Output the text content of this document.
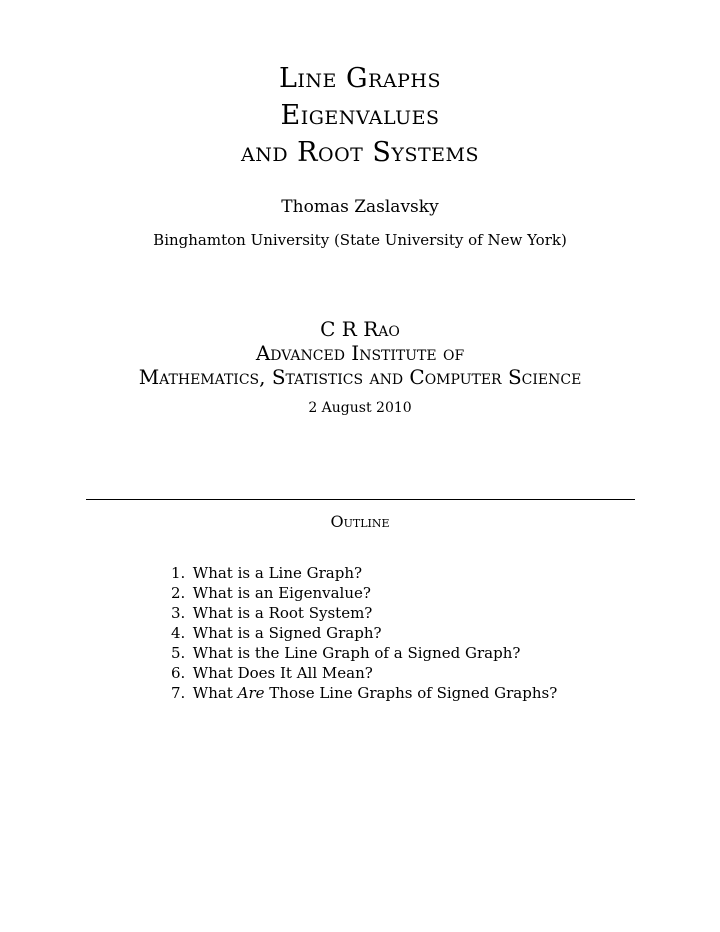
Line Graphs
Eigenvalues
and Root Systems
Thomas Zaslavsky
Binghamton University (State University of New York)
C R Rao
Advanced Institute of
Mathematics, Statistics and Computer Science
2 August 2010
Outline
1. What is a Line Graph?
2. What is an Eigenvalue?
3. What is a Root System?
4. What is a Signed Graph?
5. What is the Line Graph of a Signed Graph?
6. What Does It All Mean?
7. What Are Those Line Graphs of Signed Graphs?
